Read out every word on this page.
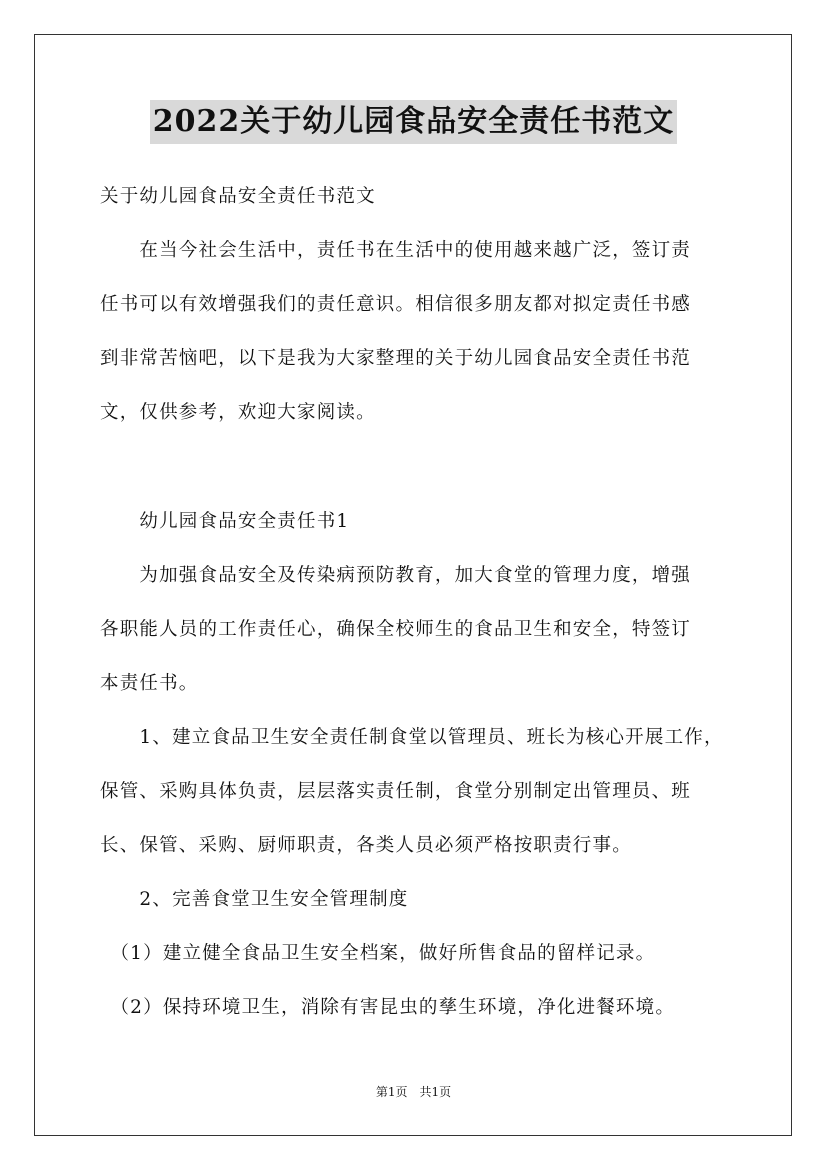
2022关于幼儿园食品安全责任书范文
关于幼儿园食品安全责任书范文
　　在当今社会生活中，责任书在生活中的使用越来越广泛，签订责
任书可以有效增强我们的责任意识。相信很多朋友都对拟定责任书感
到非常苦恼吧，以下是我为大家整理的关于幼儿园食品安全责任书范
文，仅供参考，欢迎大家阅读。
　　幼儿园食品安全责任书1
　　为加强食品安全及传染病预防教育，加大食堂的管理力度，增强
各职能人员的工作责任心，确保全校师生的食品卫生和安全，特签订
本责任书。
　　1、建立食品卫生安全责任制食堂以管理员、班长为核心开展工作，
保管、采购具体负责，层层落实责任制，食堂分别制定出管理员、班
长、保管、采购、厨师职责，各类人员必须严格按职责行事。
　　2、完善食堂卫生安全管理制度
　（1）建立健全食品卫生安全档案，做好所售食品的留样记录。
　（2）保持环境卫生，消除有害昆虫的孳生环境，净化进餐环境。
第1页　共1页
